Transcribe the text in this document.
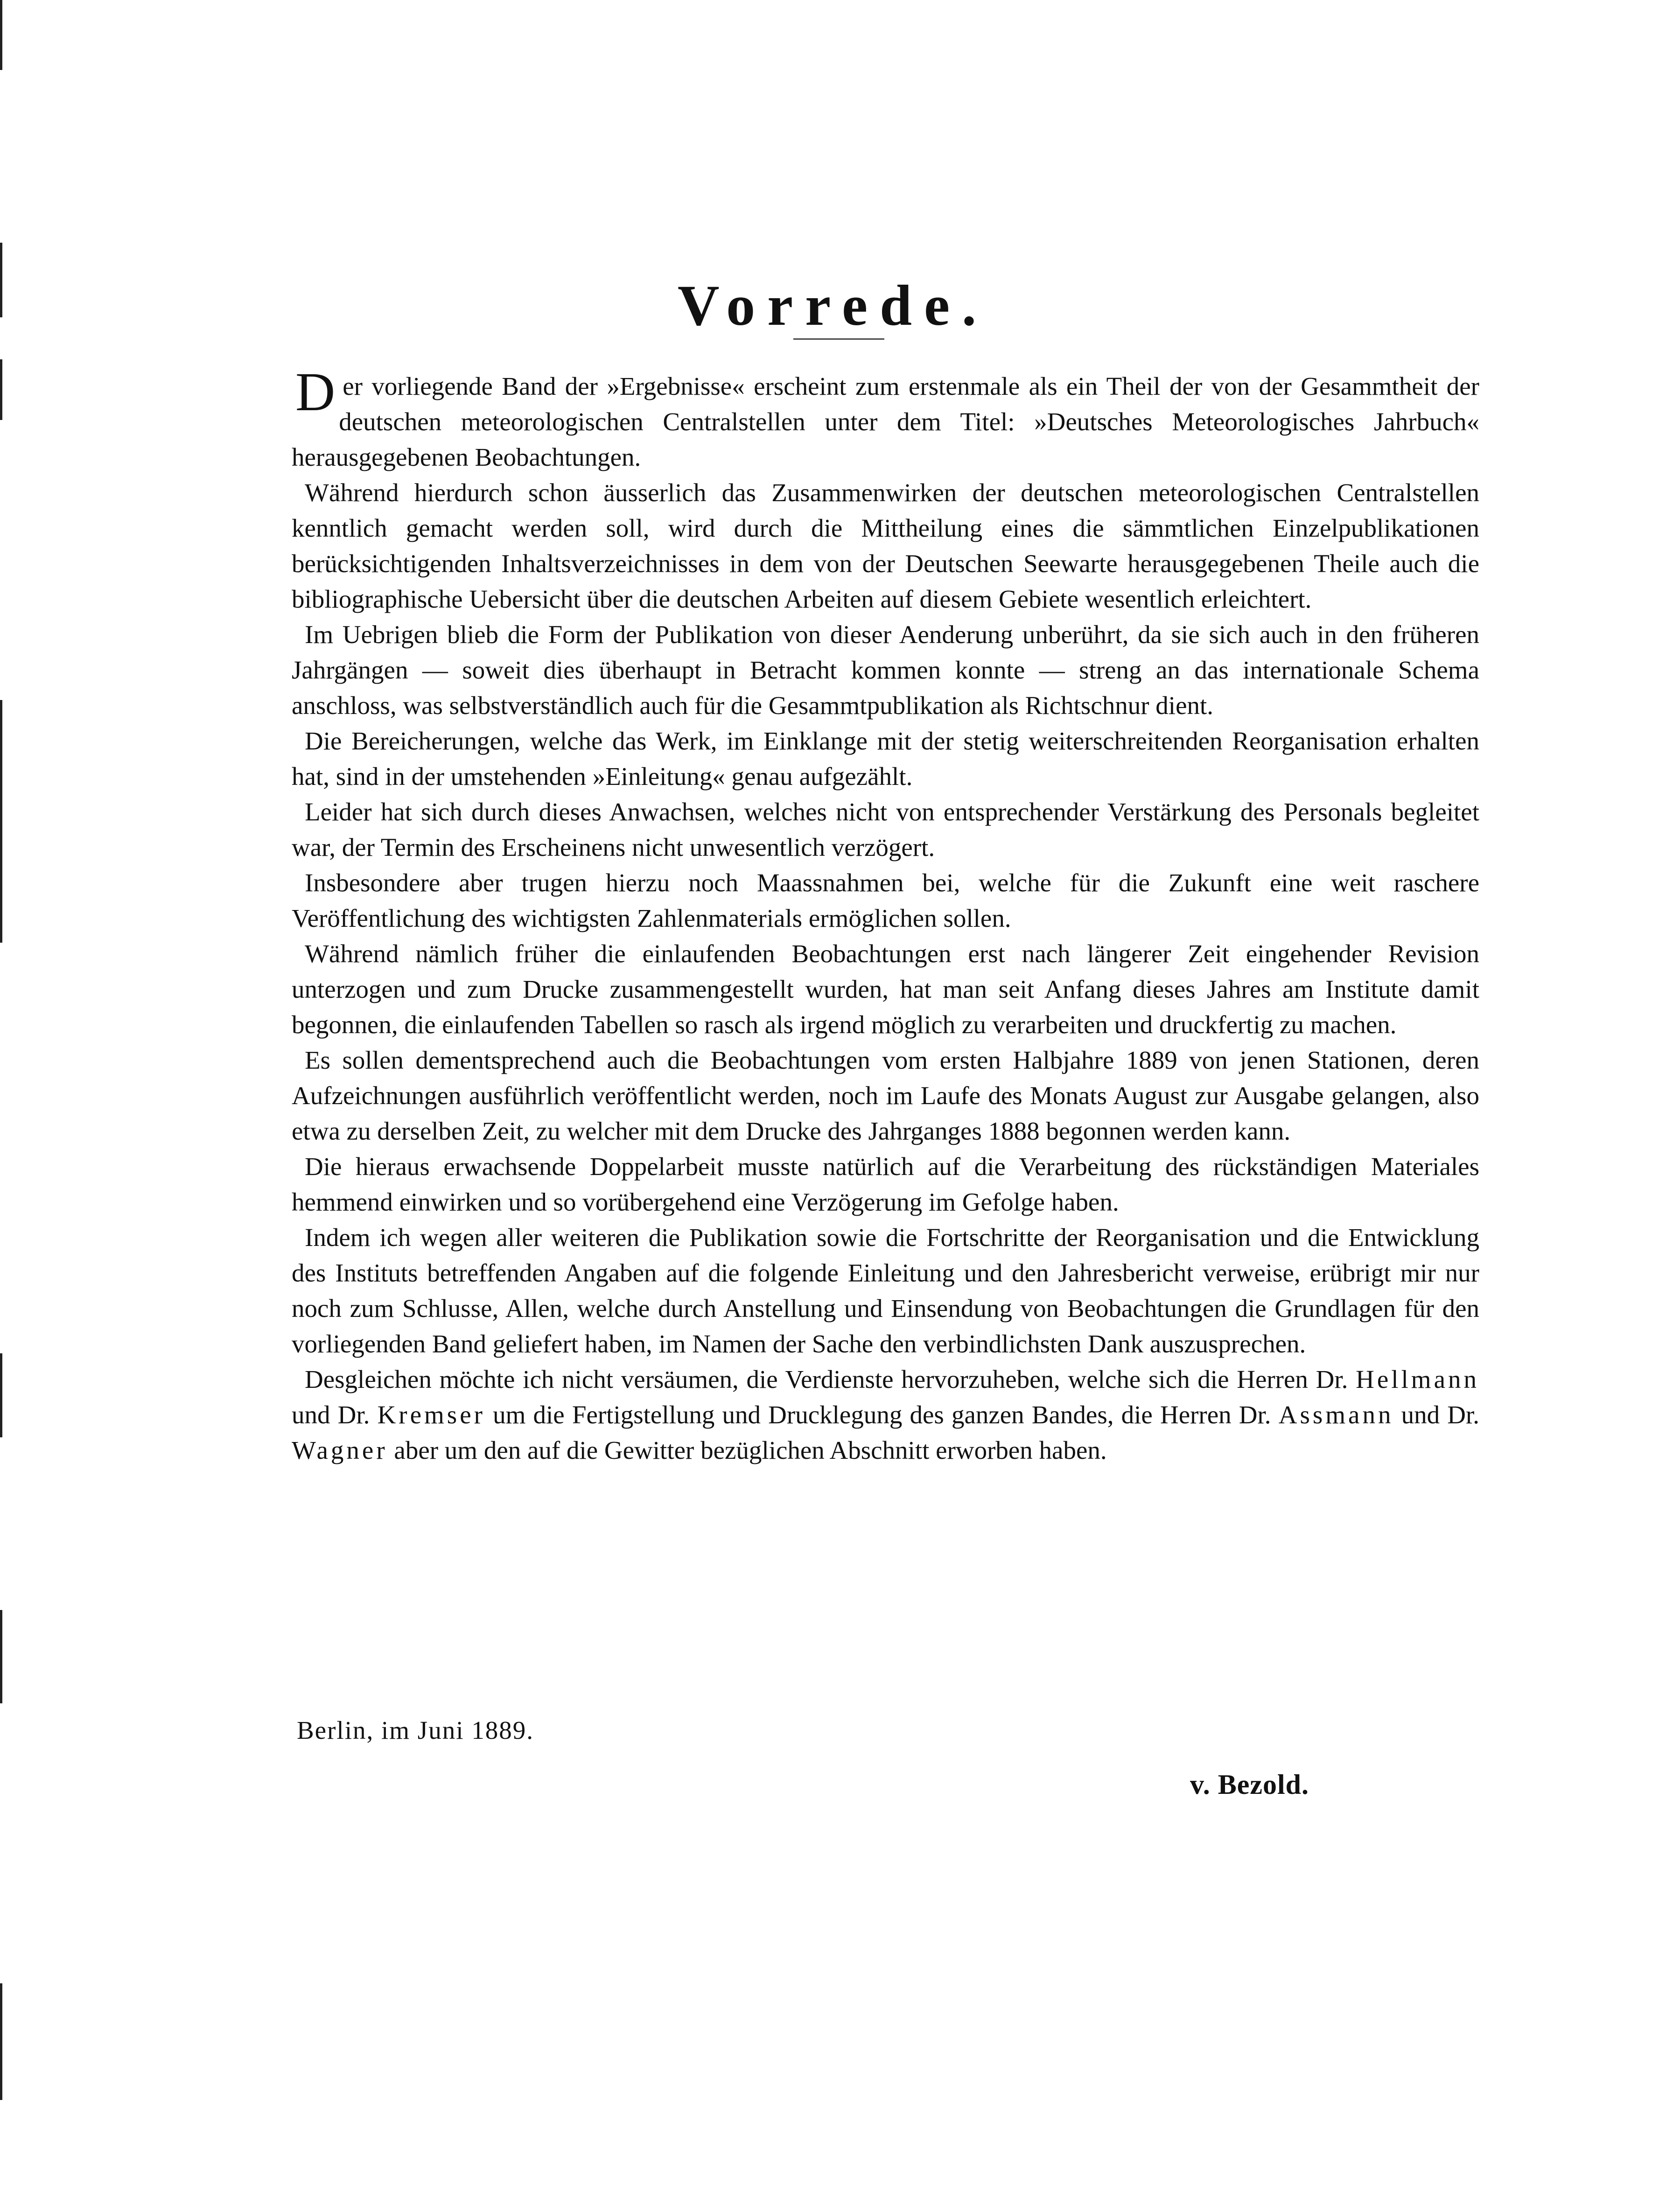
Vorrede.

Der vorliegende Band der »Ergebnisse« erscheint zum erstenmale als ein Theil der von der Gesammtheit der deutschen meteorologischen Centralstellen unter dem Titel: »Deutsches Meteorologisches Jahrbuch« herausgegebenen Beobachtungen.

Während hierdurch schon äusserlich das Zusammenwirken der deutschen meteorologischen Centralstellen kenntlich gemacht werden soll, wird durch die Mittheilung eines die sämmtlichen Einzelpublikationen berücksichtigenden Inhaltsverzeichnisses in dem von der Deutschen Seewarte herausgegebenen Theile auch die bibliographische Uebersicht über die deutschen Arbeiten auf diesem Gebiete wesentlich erleichtert.

Im Uebrigen blieb die Form der Publikation von dieser Aenderung unberührt, da sie sich auch in den früheren Jahrgängen — soweit dies überhaupt in Betracht kommen konnte — streng an das internationale Schema anschloss, was selbstverständlich auch für die Gesammtpublikation als Richtschnur dient.

Die Bereicherungen, welche das Werk, im Einklange mit der stetig weiterschreitenden Reorganisation erhalten hat, sind in der umstehenden »Einleitung« genau aufgezählt.

Leider hat sich durch dieses Anwachsen, welches nicht von entsprechender Verstärkung des Personals begleitet war, der Termin des Erscheinens nicht unwesentlich verzögert.

Insbesondere aber trugen hierzu noch Maassnahmen bei, welche für die Zukunft eine weit raschere Veröffentlichung des wichtigsten Zahlenmaterials ermöglichen sollen.

Während nämlich früher die einlaufenden Beobachtungen erst nach längerer Zeit eingehender Revision unterzogen und zum Drucke zusammengestellt wurden, hat man seit Anfang dieses Jahres am Institute damit begonnen, die einlaufenden Tabellen so rasch als irgend möglich zu verarbeiten und druckfertig zu machen.

Es sollen dementsprechend auch die Beobachtungen vom ersten Halbjahre 1889 von jenen Stationen, deren Aufzeichnungen ausführlich veröffentlicht werden, noch im Laufe des Monats August zur Ausgabe gelangen, also etwa zu derselben Zeit, zu welcher mit dem Drucke des Jahrganges 1888 begonnen werden kann.

Die hieraus erwachsende Doppelarbeit musste natürlich auf die Verarbeitung des rückständigen Materiales hemmend einwirken und so vorübergehend eine Verzögerung im Gefolge haben.

Indem ich wegen aller weiteren die Publikation sowie die Fortschritte der Reorganisation und die Entwicklung des Instituts betreffenden Angaben auf die folgende Einleitung und den Jahresbericht verweise, erübrigt mir nur noch zum Schlusse, Allen, welche durch Anstellung und Einsendung von Beobachtungen die Grundlagen für den vorliegenden Band geliefert haben, im Namen der Sache den verbindlichsten Dank auszusprechen.

Desgleichen möchte ich nicht versäumen, die Verdienste hervorzuheben, welche sich die Herren Dr. Hellmann und Dr. Kremser um die Fertigstellung und Drucklegung des ganzen Bandes, die Herren Dr. Assmann und Dr. Wagner aber um den auf die Gewitter bezüglichen Abschnitt erworben haben.

Berlin, im Juni 1889.
v. Bezold.
